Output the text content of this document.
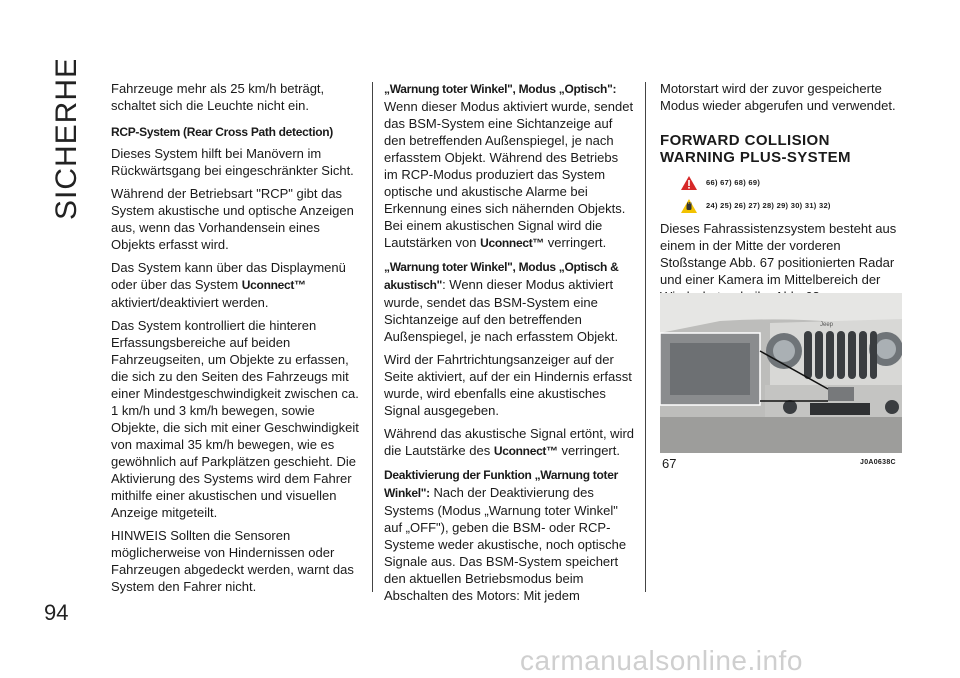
SICHERHEIT
94

Fahrzeuge mehr als 25 km/h beträgt, schaltet sich die Leuchte nicht ein.

RCP-System (Rear Cross Path detection)

Dieses System hilft bei Manövern im Rückwärtsgang bei eingeschränkter Sicht.

Während der Betriebsart "RCP" gibt das System akustische und optische Anzeigen aus, wenn das Vorhandensein eines Objekts erfasst wird.

Das System kann über das Displaymenü oder über das System Uconnect™ aktiviert/deaktiviert werden.

Das System kontrolliert die hinteren Erfassungsbereiche auf beiden Fahrzeugseiten, um Objekte zu erfassen, die sich zu den Seiten des Fahrzeugs mit einer Mindestgeschwindigkeit zwischen ca. 1 km/h und 3 km/h bewegen, sowie Objekte, die sich mit einer Geschwindigkeit von maximal 35 km/h bewegen, wie es gewöhnlich auf Parkplätzen geschieht. Die Aktivierung des Systems wird dem Fahrer mithilfe einer akustischen und visuellen Anzeige mitgeteilt.

HINWEIS Sollten die Sensoren möglicherweise von Hindernissen oder Fahrzeugen abgedeckt werden, warnt das System den Fahrer nicht.

„Warnung toter Winkel", Modus „Optisch": Wenn dieser Modus aktiviert wurde, sendet das BSM-System eine Sichtanzeige auf den betreffenden Außenspiegel, je nach erfasstem Objekt. Während des Betriebs im RCP-Modus produziert das System optische und akustische Alarme bei Erkennung eines sich nähernden Objekts. Bei einem akustischen Signal wird die Lautstärken von Uconnect™ verringert.

„Warnung toter Winkel", Modus „Optisch & akustisch": Wenn dieser Modus aktiviert wurde, sendet das BSM-System eine Sichtanzeige auf den betreffenden Außenspiegel, je nach erfasstem Objekt.

Wird der Fahrtrichtungsanzeiger auf der Seite aktiviert, auf der ein Hindernis erfasst wurde, wird ebenfalls eine akustisches Signal ausgegeben.

Während das akustische Signal ertönt, wird die Lautstärke des Uconnect™ verringert.

Deaktivierung der Funktion „Warnung toter Winkel": Nach der Deaktivierung des Systems (Modus „Warnung toter Winkel" auf „OFF"), geben die BSM- oder RCP-Systeme weder akustische, noch optische Signale aus. Das BSM-System speichert den aktuellen Betriebsmodus beim Abschalten des Motors: Mit jedem

Motorstart wird der zuvor gespeicherte Modus wieder abgerufen und verwendet.

FORWARD COLLISION
WARNING PLUS-SYSTEM
66) 67) 68) 69)
24) 25) 26) 27) 28) 29) 30) 31) 32)

Dieses Fahrassistenzsystem besteht aus einem in der Mitte der vorderen Stoßstange Abb. 67 positionierten Radar und einer Kamera im Mittelbereich der

Jeep
67	J0A0638C
carmanualsonline.info
